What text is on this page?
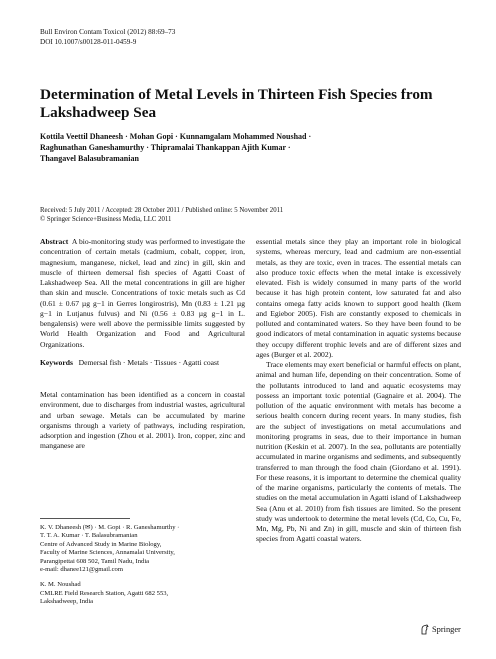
Bull Environ Contam Toxicol (2012) 88:69–73
DOI 10.1007/s00128-011-0459-9
Determination of Metal Levels in Thirteen Fish Species from Lakshadweep Sea
Kottila Veettil Dhaneesh · Mohan Gopi · Kunnamgalam Mohammed Noushad ·
Raghunathan Ganeshamurthy · Thipramalai Thankappan Ajith Kumar ·
Thangavel Balasubramanian
Received: 5 July 2011 / Accepted: 28 October 2011 / Published online: 5 November 2011
© Springer Science+Business Media, LLC 2011

Abstract A bio-monitoring study was performed to investigate the concentration of certain metals (cadmium, cobalt, copper, iron, magnesium, manganese, nickel, lead and zinc) in gill, skin and muscle of thirteen demersal fish species of Agatti Coast of Lakshadweep Sea. All the metal concentrations in gill are higher than skin and muscle. Concentrations of toxic metals such as Cd (0.61 ± 0.67 µg g−1 in Gerres longirostris), Mn (0.83 ± 1.21 µg g−1 in Lutjanus fulvus) and Ni (0.56 ± 0.83 µg g−1 in L. bengalensis) were well above the permissible limits suggested by World Health Organization and Food and Agricultural Organizations.

Keywords Demersal fish · Metals · Tissues · Agatti coast

Metal contamination has been identified as a concern in coastal environment, due to discharges from industrial wastes, agricultural and urban sewage. Metals can be accumulated by marine organisms through a variety of pathways, including respiration, adsorption and ingestion (Zhou et al. 2001). Iron, copper, zinc and manganese are

essential metals since they play an important role in biological systems, whereas mercury, lead and cadmium are non-essential metals, as they are toxic, even in traces. The essential metals can also produce toxic effects when the metal intake is excessively elevated. Fish is widely consumed in many parts of the world because it has high protein content, low saturated fat and also contains omega fatty acids known to support good health (Ikem and Egiebor 2005). Fish are constantly exposed to chemicals in polluted and contaminated waters. So they have been found to be good indicators of metal contamination in aquatic systems because they occupy different trophic levels and are of different sizes and ages (Burger et al. 2002).

Trace elements may exert beneficial or harmful effects on plant, animal and human life, depending on their concentration. Some of the pollutants introduced to land and aquatic ecosystems may possess an important toxic potential (Gagnaire et al. 2004). The pollution of the aquatic environment with metals has become a serious health concern during recent years. In many studies, fish are the subject of investigations on metal accumulations and monitoring programs in seas, due to their importance in human nutrition (Keskin et al. 2007). In the sea, pollutants are potentially accumulated in marine organisms and sediments, and subsequently transferred to man through the food chain (Giordano et al. 1991). For these reasons, it is important to determine the chemical quality of the marine organisms, particularly the contents of metals. The studies on the metal accumulation in Agatti island of Lakshadweep Sea (Anu et al. 2010) from fish tissues are limited. So the present study was undertook to determine the metal levels (Cd, Co, Cu, Fe, Mn, Mg, Pb, Ni and Zn) in gill, muscle and skin of thirteen fish species from Agatti coastal waters.

K. V. Dhaneesh (✉) · M. Gopi · R. Ganeshamurthy ·

T. T. A. Kumar · T. Balasubramanian

Centre of Advanced Study in Marine Biology,

Faculty of Marine Sciences, Annamalai University,

Parangipettai 608 502, Tamil Nadu, India

e-mail: dhanee121@gmail.com

K. M. Noushad

CMLRE Field Research Station, Agatti 682 553,

Lakshadweep, India

Springer
